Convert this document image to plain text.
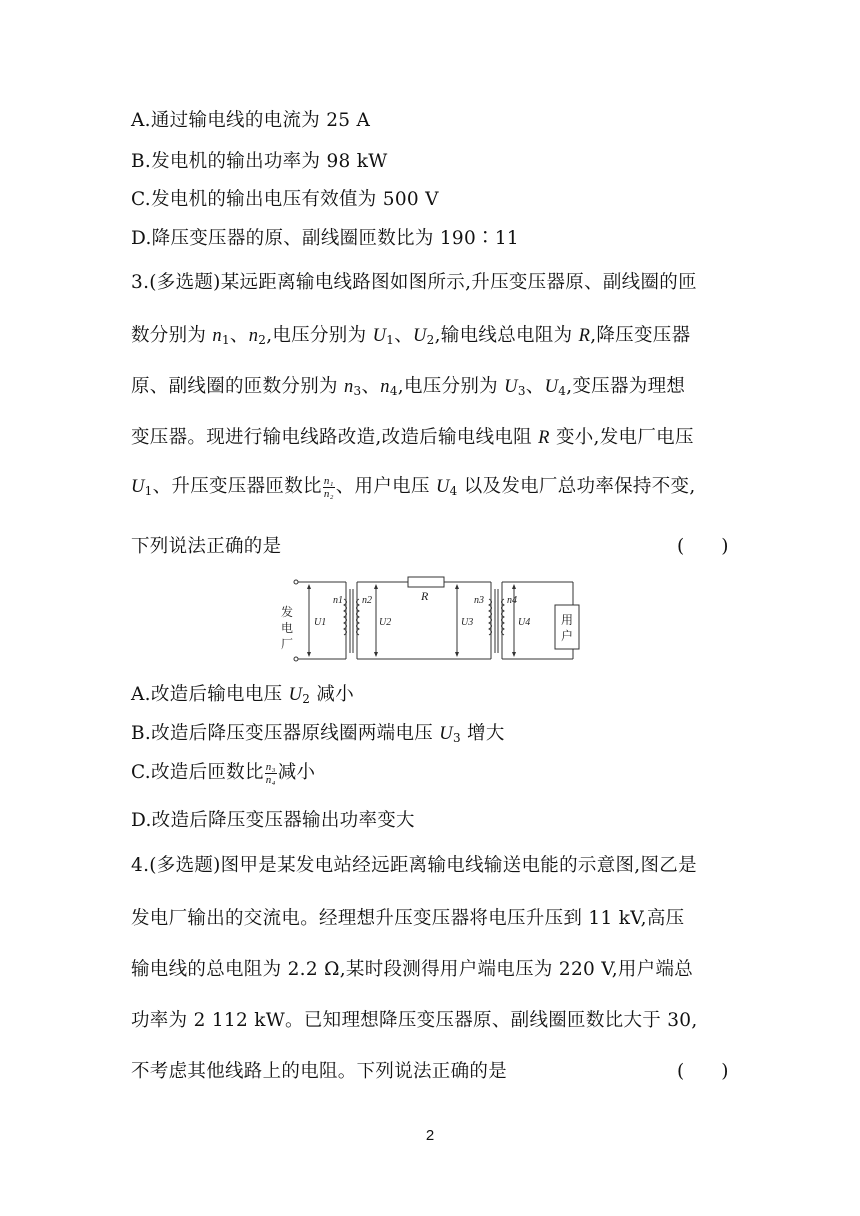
A.通过输电线的电流为 25 A
B.发电机的输出功率为 98 kW
C.发电机的输出电压有效值为 500 V
D.降压变压器的原、副线圈匝数比为 190∶11
3.(多选题)某远距离输电线路图如图所示,升压变压器原、副线圈的匝
数分别为 $n_1$、$n_2$,电压分别为 $U_1$、$U_2$,输电线总电阻为 R,降压变压器
原、副线圈的匝数分别为 $n_3$、$n_4$,电压分别为 $U_3$、$U_4$,变压器为理想
变压器。现进行输电线路改造,改造后输电线电阻 R 变小,发电厂电压
$U_1$、升压变压器匝数比 $\frac{\text{n₁}}{\text{n₂}}$ 、用户电压 $U_4$ 以及发电厂总功率保持不变,
下列说法正确的是	(　　)
n1 n2	n3 n4
U1	U2	U3	U4
R
发
电
厂
用
户
A.改造后输电电压 $U_2$ 减小
B.改造后降压变压器原线圈两端电压 $U_3$ 增大
C.改造后匝数比 $\frac{\text{n₃}}{\text{n₄}}$ 减小
D.改造后降压变压器输出功率变大
4.(多选题)图甲是某发电站经远距离输电线输送电能的示意图,图乙是
发电厂输出的交流电。经理想升压变压器将电压升压到 11 kV,高压
输电线的总电阻为 2.2 Ω,某时段测得用户端电压为 220 V,用户端总
功率为 2 112 kW。已知理想降压变压器原、副线圈匝数比大于 30,
不考虑其他线路上的电阻。下列说法正确的是	(　　)
2
